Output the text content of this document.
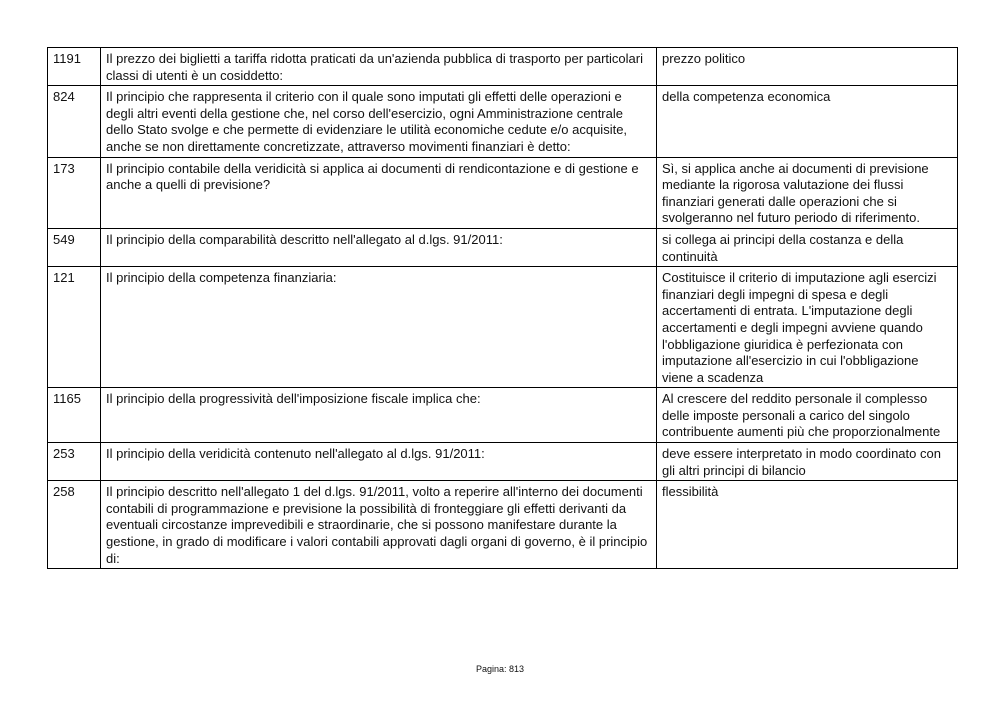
1191	Il prezzo dei biglietti a tariffa ridotta praticati da un'azienda pubblica di trasporto per particolari classi di utenti è un cosiddetto:	prezzo politico
824	Il principio che rappresenta il criterio con il quale sono imputati gli effetti delle operazioni e degli altri eventi della gestione che, nel corso dell'esercizio, ogni Amministrazione centrale dello Stato svolge e che permette di evidenziare le utilità economiche cedute e/o acquisite, anche se non direttamente concretizzate, attraverso movimenti finanziari è detto:	della competenza economica
173	Il principio contabile della veridicità si applica ai documenti di rendicontazione e di gestione e anche a quelli di previsione?	Sì, si applica anche ai documenti di previsione mediante la rigorosa valutazione dei flussi finanziari generati dalle operazioni che si svolgeranno nel futuro periodo di riferimento.
549	Il principio della comparabilità descritto nell'allegato al d.lgs. 91/2011:	si collega ai principi della costanza e della continuità
121	Il principio della competenza finanziaria:	Costituisce il criterio di imputazione agli esercizi finanziari degli impegni di spesa e degli accertamenti di entrata. L'imputazione degli accertamenti e degli impegni avviene quando l'obbligazione giuridica è perfezionata con imputazione all'esercizio in cui l'obbligazione viene a scadenza
1165	Il principio della progressività dell'imposizione fiscale implica che:	Al crescere del reddito personale il complesso delle imposte personali a carico del singolo contribuente aumenti più che proporzionalmente
253	Il principio della veridicità contenuto nell'allegato al d.lgs. 91/2011:	deve essere interpretato in modo coordinato con gli altri principi di bilancio
258	Il principio descritto nell'allegato 1 del d.lgs. 91/2011, volto a reperire all'interno dei documenti contabili di programmazione e previsione la possibilità di fronteggiare gli effetti derivanti da eventuali circostanze imprevedibili e straordinarie, che si possono manifestare durante la gestione, in grado di modificare i valori contabili approvati dagli organi di governo, è il principio di:	flessibilità
Pagina: 813
